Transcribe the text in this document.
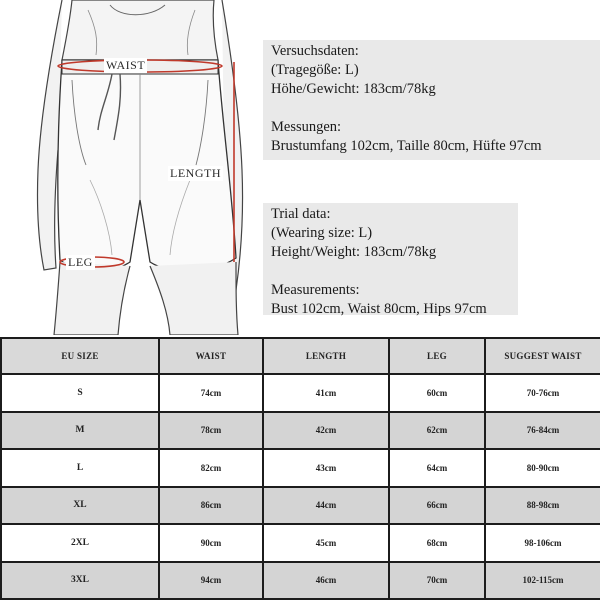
WAIST
LENGTH
LEG
Versuchsdaten:
(Tragegöße: L)
Höhe/Gewicht: 183cm/78kg
Messungen:
Brustumfang 102cm, Taille 80cm, Hüfte 97cm
Trial data:
(Wearing size: L)
Height/Weight: 183cm/78kg
Measurements:
Bust 102cm, Waist 80cm, Hips 97cm
EU SIZE	WAIST	LENGTH	LEG	SUGGEST WAIST
S	74cm	41cm	60cm	70-76cm
M	78cm	42cm	62cm	76-84cm
L	82cm	43cm	64cm	80-90cm
XL	86cm	44cm	66cm	88-98cm
2XL	90cm	45cm	68cm	98-106cm
3XL	94cm	46cm	70cm	102-115cm
